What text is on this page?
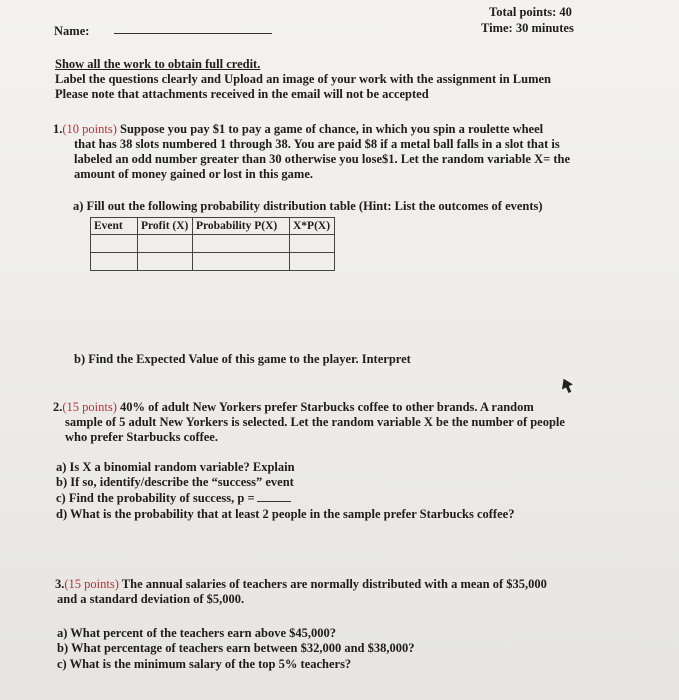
Name:
Total points: 40
Time: 30 minutes
Show all the work to obtain full credit.
Label the questions clearly and Upload an image of your work with the assignment in Lumen
Please note that attachments received in the email will not be accepted
1.(10 points) Suppose you pay $1 to pay a game of chance, in which you spin a roulette wheel
that has 38 slots numbered 1 through 38. You are paid $8 if a metal ball falls in a slot that is
labeled an odd number greater than 30 otherwise you lose$1. Let the random variable X= the
amount of money gained or lost in this game.
a) Fill out the following probability distribution table (Hint: List the outcomes of events)
Event	Profit (X)	Probability P(X)	X*P(X)

b) Find the Expected Value of this game to the player. Interpret
2.(15 points) 40% of adult New Yorkers prefer Starbucks coffee to other brands. A random
sample of 5 adult New Yorkers is selected. Let the random variable X be the number of people
who prefer Starbucks coffee.
a) Is X a binomial random variable? Explain
b) If so, identify/describe the “success” event
c) Find the probability of success, p =
d) What is the probability that at least 2 people in the sample prefer Starbucks coffee?
3.(15 points) The annual salaries of teachers are normally distributed with a mean of $35,000
and a standard deviation of $5,000.
a) What percent of the teachers earn above $45,000?
b) What percentage of teachers earn between $32,000 and $38,000?
c) What is the minimum salary of the top 5% teachers?
